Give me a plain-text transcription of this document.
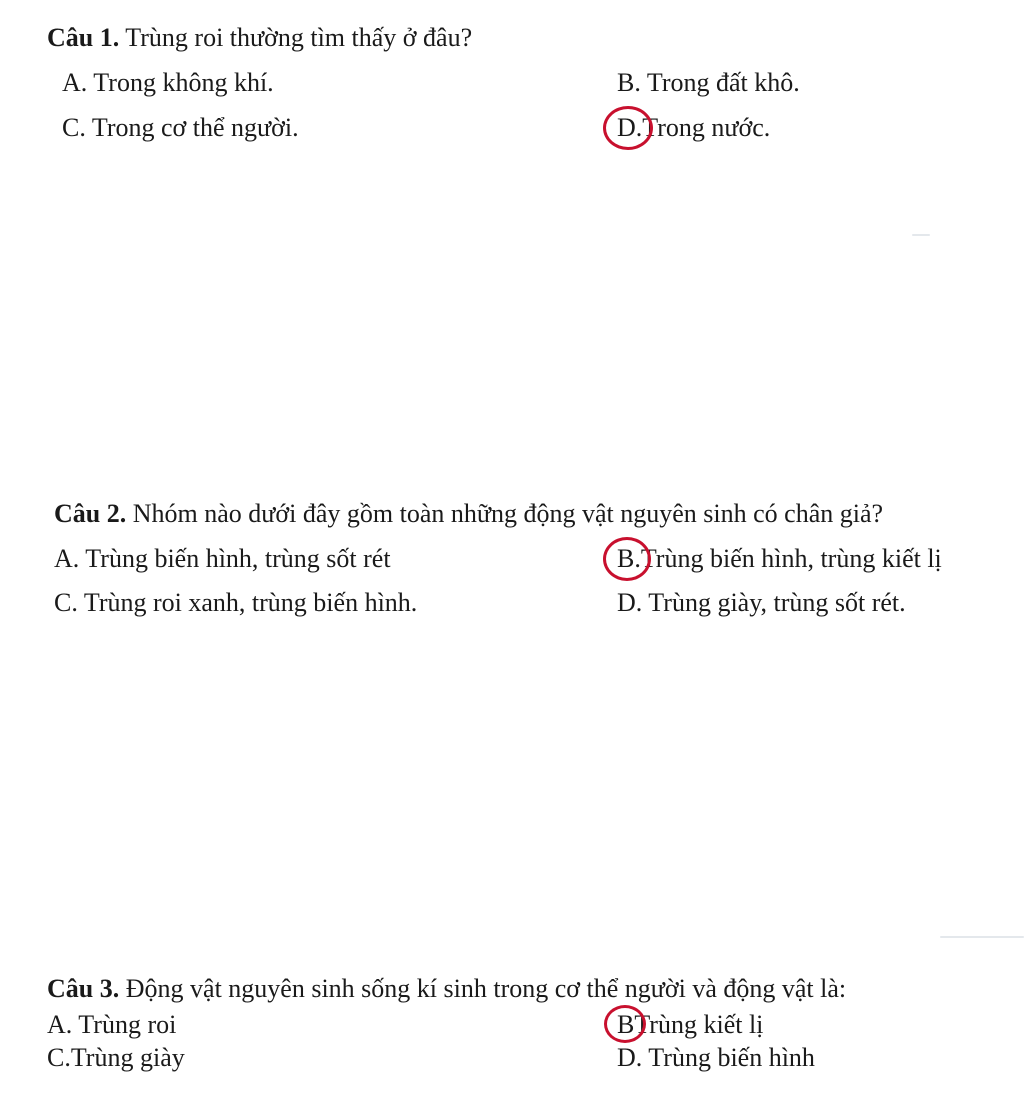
Câu 1. Trùng roi thường tìm thấy ở đâu?
A. Trong không khí.	B. Trong đất khô.
C. Trong cơ thể người.	D.Trong nước.
Câu 2. Nhóm nào dưới đây gồm toàn những động vật nguyên sinh có chân giả?
A. Trùng biến hình, trùng sốt rét	B.Trùng biến hình, trùng kiết lị
C. Trùng roi xanh, trùng biến hình.	D. Trùng giày, trùng sốt rét.
Câu 3. Động vật nguyên sinh sống kí sinh trong cơ thể người và động vật là:
A. Trùng roi	BTrùng kiết lị
C.Trùng giày	D. Trùng biến hình
